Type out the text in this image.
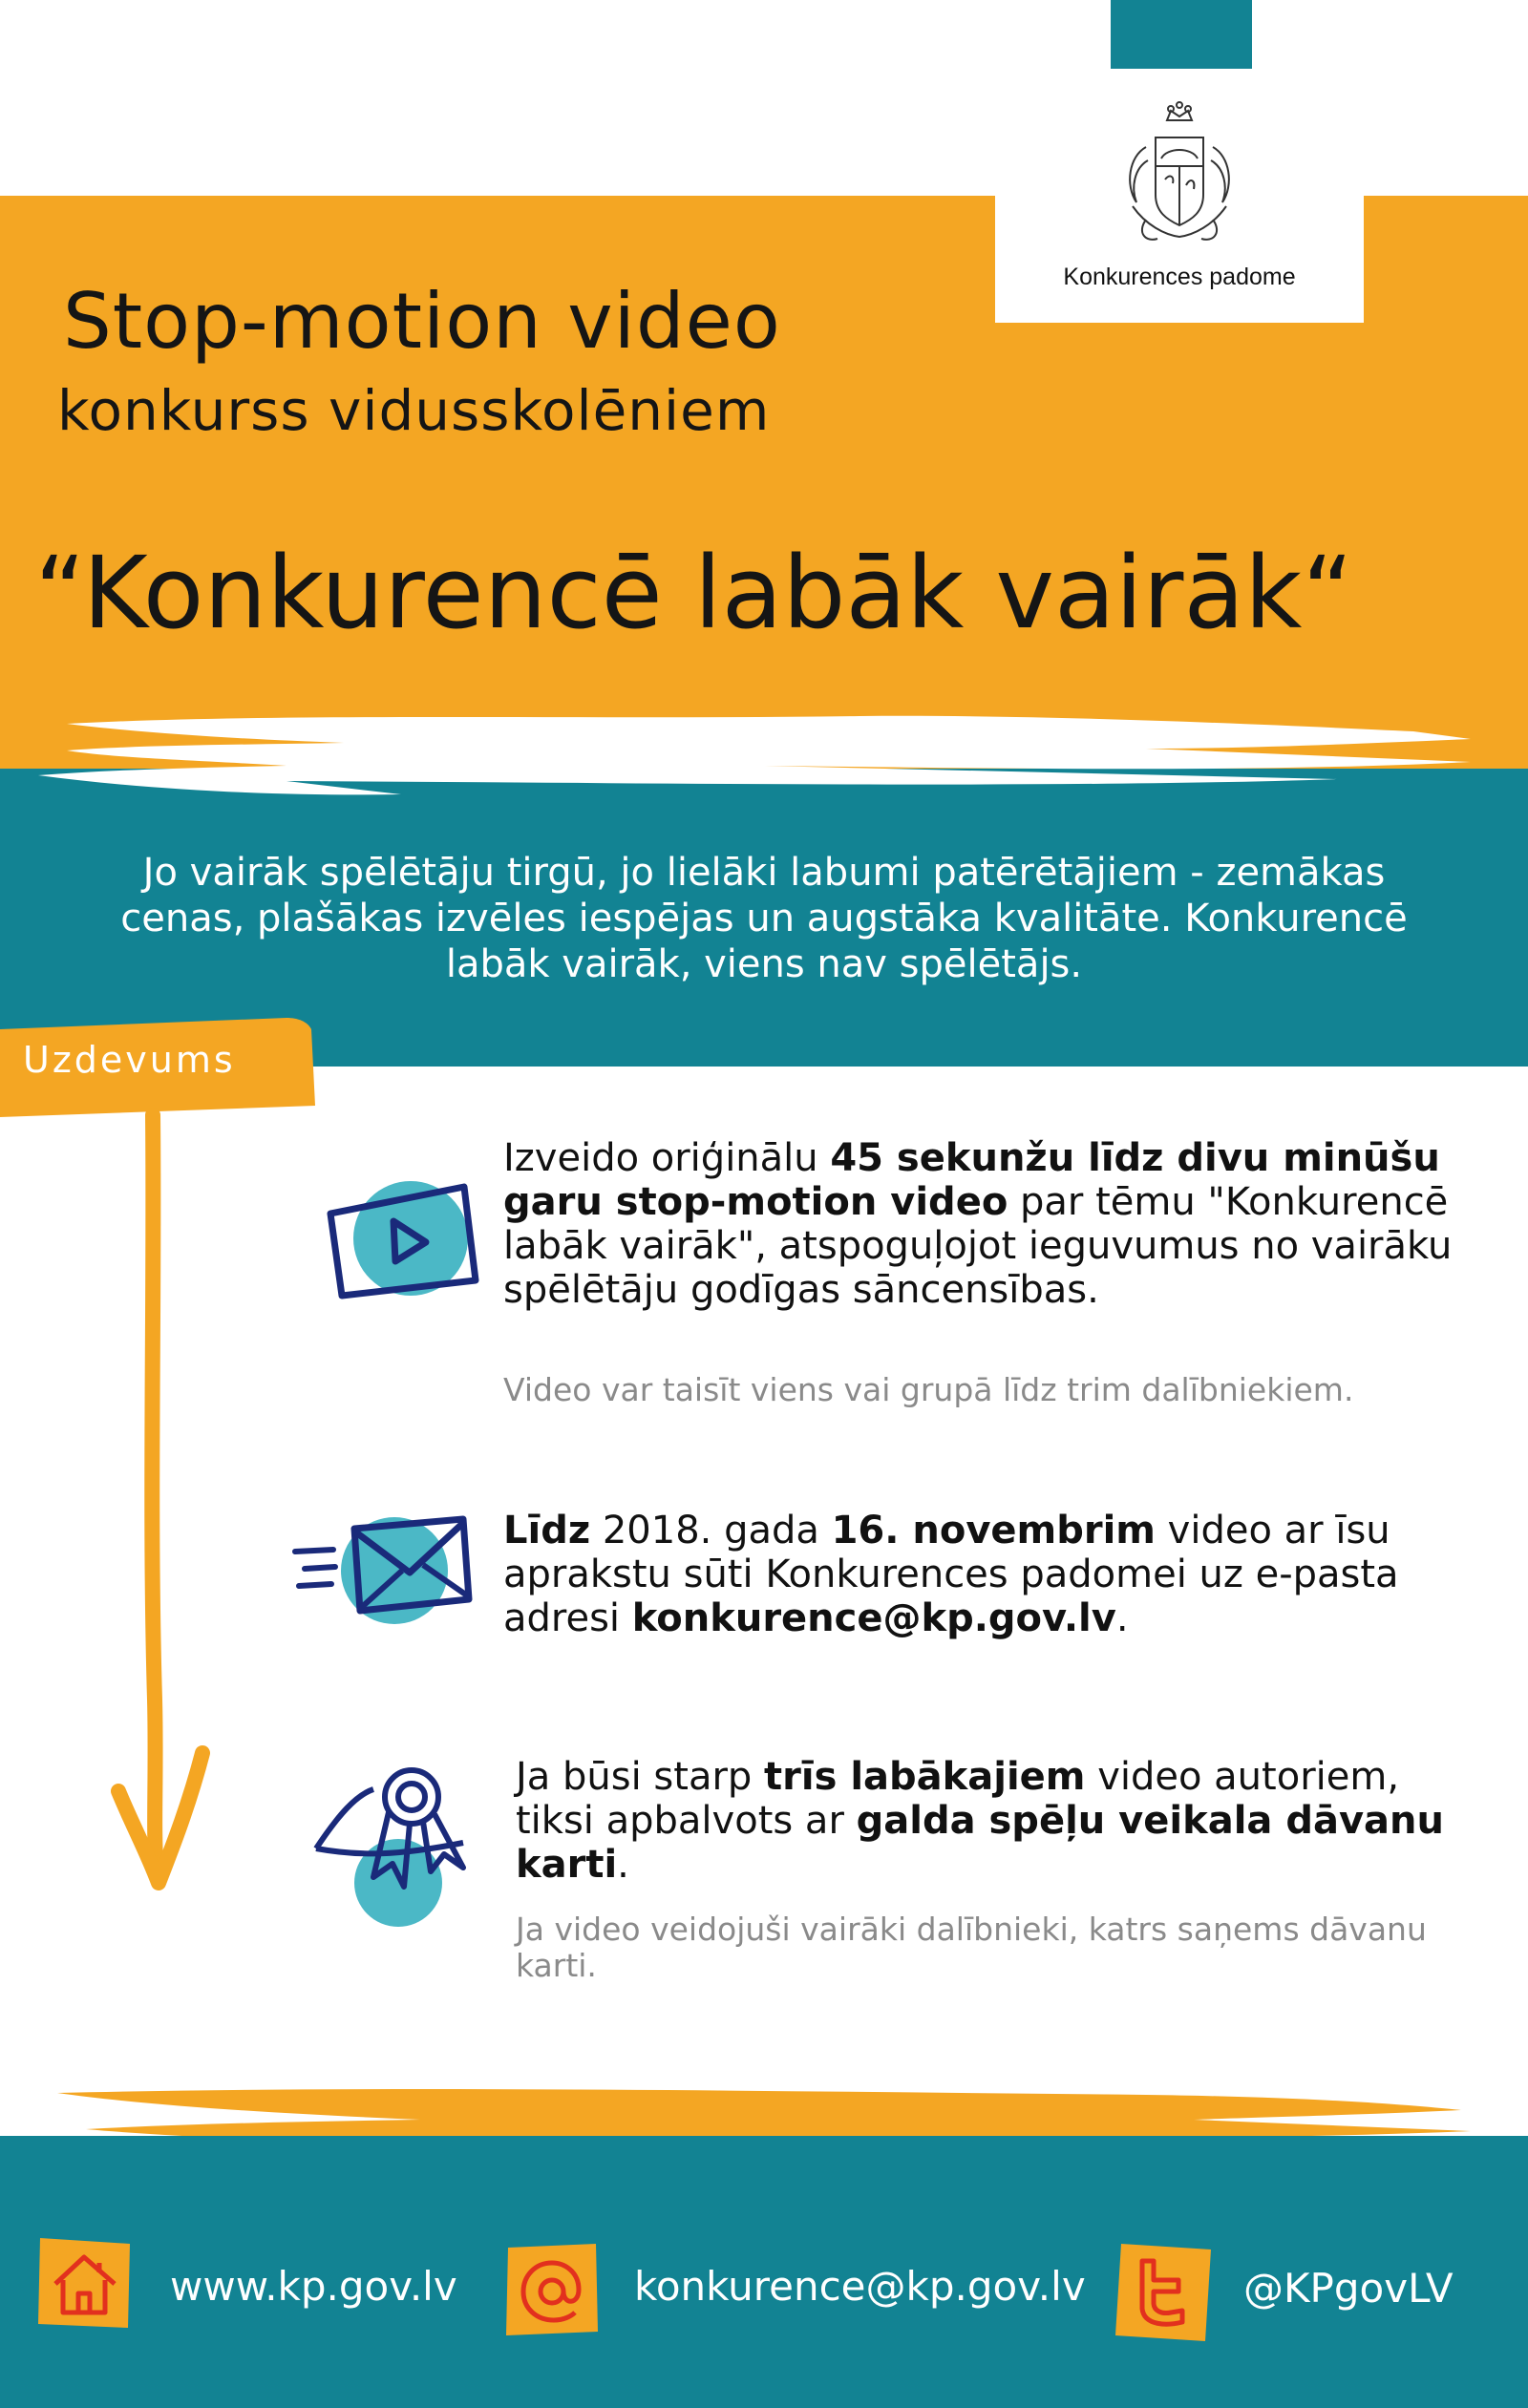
Konkurences padome
Stop-motion video
konkurss vidusskolēniem
“Konkurencē labāk vairāk“
Jo vairāk spēlētāju tirgū, jo lielāki labumi patērētājiem - zemākas cenas, plašākas izvēles iespējas un augstāka kvalitāte. Konkurencē labāk vairāk, viens nav spēlētājs.
Uzdevums
Izveido oriģinālu 45 sekunžu līdz divu minūšu garu stop-motion video par tēmu "Konkurencē labāk vairāk", atspoguļojot ieguvumus no vairāku spēlētāju godīgas sāncensības.
Video var taisīt viens vai grupā līdz trim dalībniekiem.
Līdz 2018. gada 16. novembrim video ar īsu aprakstu sūti Konkurences padomei uz e-pasta adresi konkurence@kp.gov.lv.
Ja būsi starp trīs labākajiem video autoriem, tiksi apbalvots ar galda spēļu veikala dāvanu karti.
Ja video veidojuši vairāki dalībnieki, katrs saņems dāvanu karti.
www.kp.gov.lv	konkurence@kp.gov.lv	@KPgovLV
